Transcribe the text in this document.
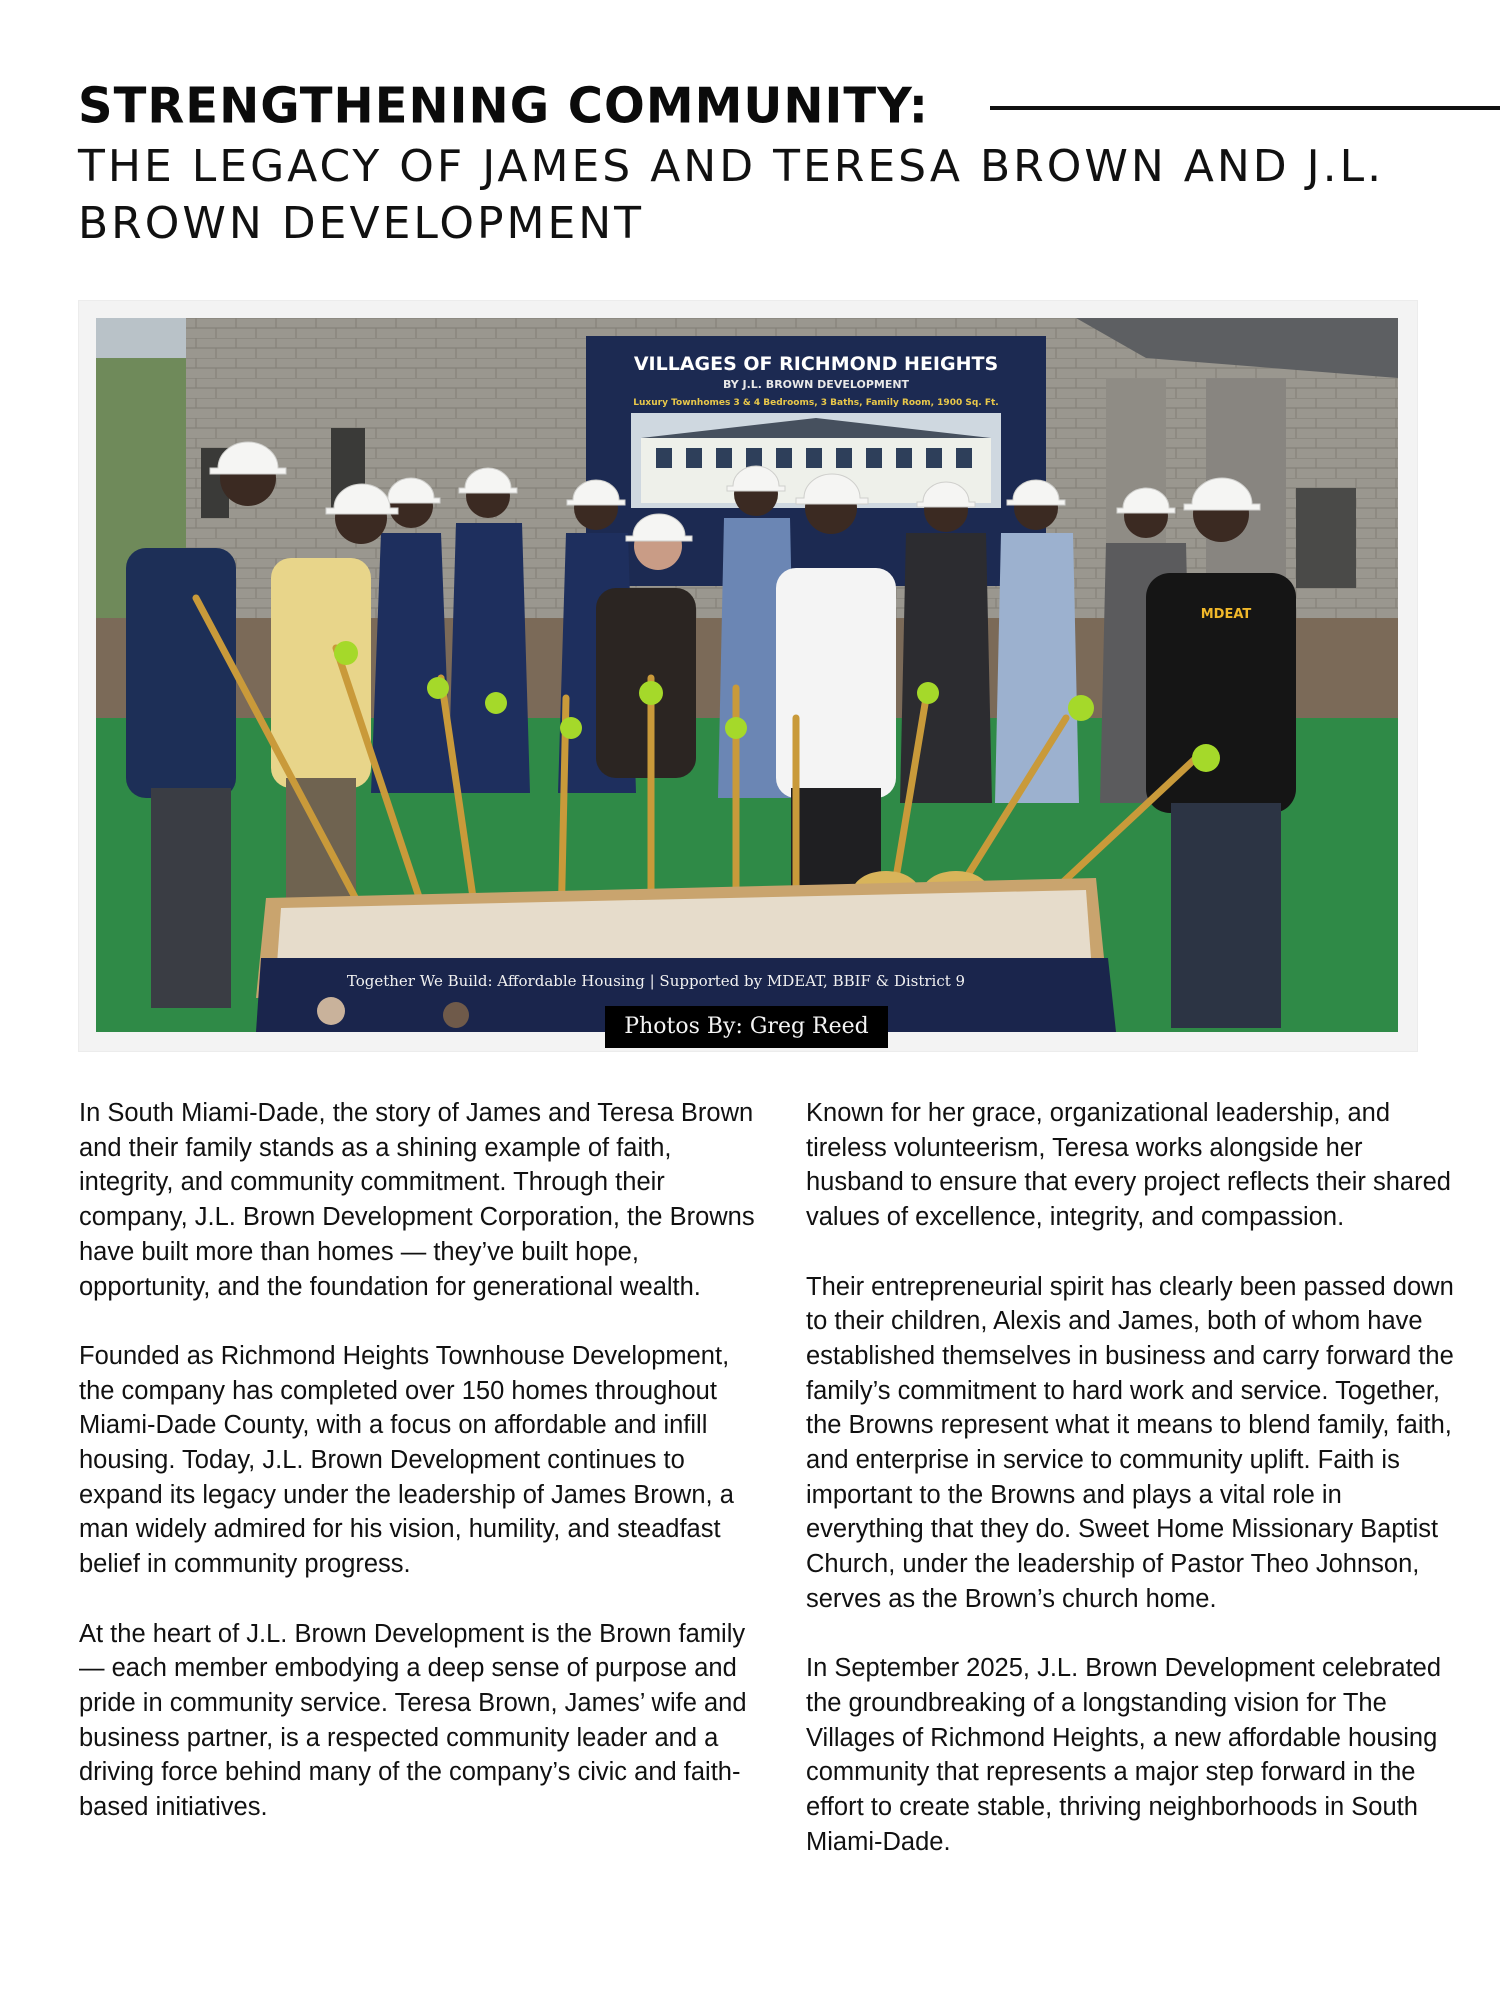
STRENGTHENING COMMUNITY:
THE LEGACY OF JAMES AND TERESA BROWN AND J.L. BROWN DEVELOPMENT
VILLAGES OF RICHMOND HEIGHTS
BY J.L. BROWN DEVELOPMENT
Luxury Townhomes 3 & 4 Bedrooms, 3 Baths, Family Room, 1900 Sq. Ft.
MDEAT
Together We Build: Affordable Housing | Supported by MDEAT, BBIF & District 9
Photos By: Greg Reed

In South Miami-Dade, the story of James and Teresa Brown and their family stands as a shining example of faith, integrity, and community commitment. Through their company, J.L. Brown Development Corporation, the Browns have built more than homes — they’ve built hope, opportunity, and the foundation for generational wealth.

Founded as Richmond Heights Townhouse Development, the company has completed over 150 homes throughout Miami-Dade County, with a focus on affordable and infill housing. Today, J.L. Brown Development continues to expand its legacy under the leadership of James Brown, a man widely admired for his vision, humility, and steadfast belief in community progress.

At the heart of J.L. Brown Development is the Brown family — each member embodying a deep sense of purpose and pride in community service. Teresa Brown, James’ wife and business partner, is a respected community leader and a driving force behind many of the company’s civic and faith-based initiatives.

Known for her grace, organizational leadership, and tireless volunteerism, Teresa works alongside her husband to ensure that every project reflects their shared values of excellence, integrity, and compassion.

Their entrepreneurial spirit has clearly been passed down to their children, Alexis and James, both of whom have established themselves in business and carry forward the family’s commitment to hard work and service. Together, the Browns represent what it means to blend family, faith, and enterprise in service to community uplift. Faith is important to the Browns and plays a vital role in everything that they do. Sweet Home Missionary Baptist Church, under the leadership of Pastor Theo Johnson, serves as the Brown’s church home.

In September 2025, J.L. Brown Development celebrated the groundbreaking of a longstanding vision for The Villages of Richmond Heights, a new affordable housing community that represents a major step forward in the effort to create stable, thriving neighborhoods in South Miami-Dade.
